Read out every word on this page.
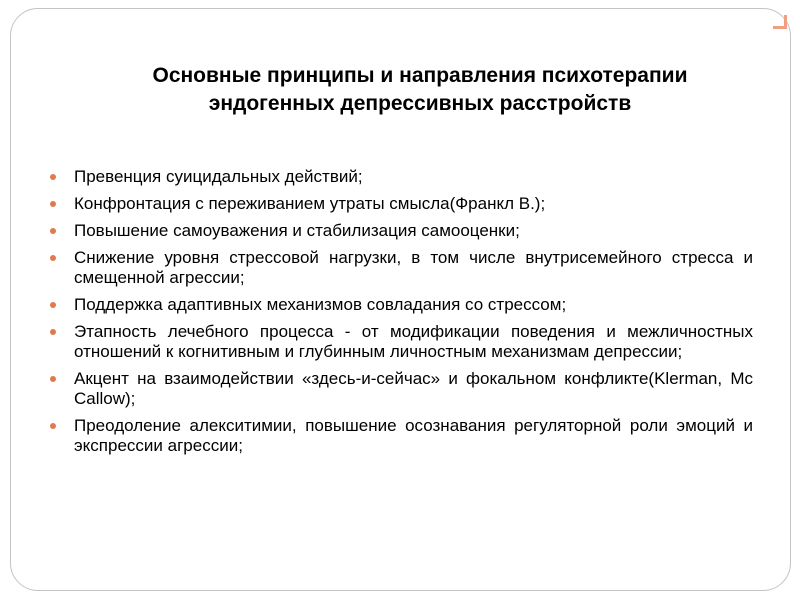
Основные принципы и направления психотерапии
эндогенных депрессивных расстройств
Превенция суицидальных действий;
Конфронтация с переживанием утраты смысла(Франкл В.);
Повышение самоуважения и стабилизация самооценки;
Снижение уровня стрессовой нагрузки, в том числе внутрисемейного стресса и смещенной агрессии;
Поддержка адаптивных механизмов совладания со стрессом;
Этапность лечебного процесса - от модификации поведения и межличностных отношений к когнитивным и глубинным личностным механизмам депрессии;
Акцент на взаимодействии «здесь-и-сейчас» и фокальном конфликте(Klerman, Mc Callow);
Преодоление алекситимии, повышение осознавания регуляторной роли эмоций и экспрессии агрессии;
